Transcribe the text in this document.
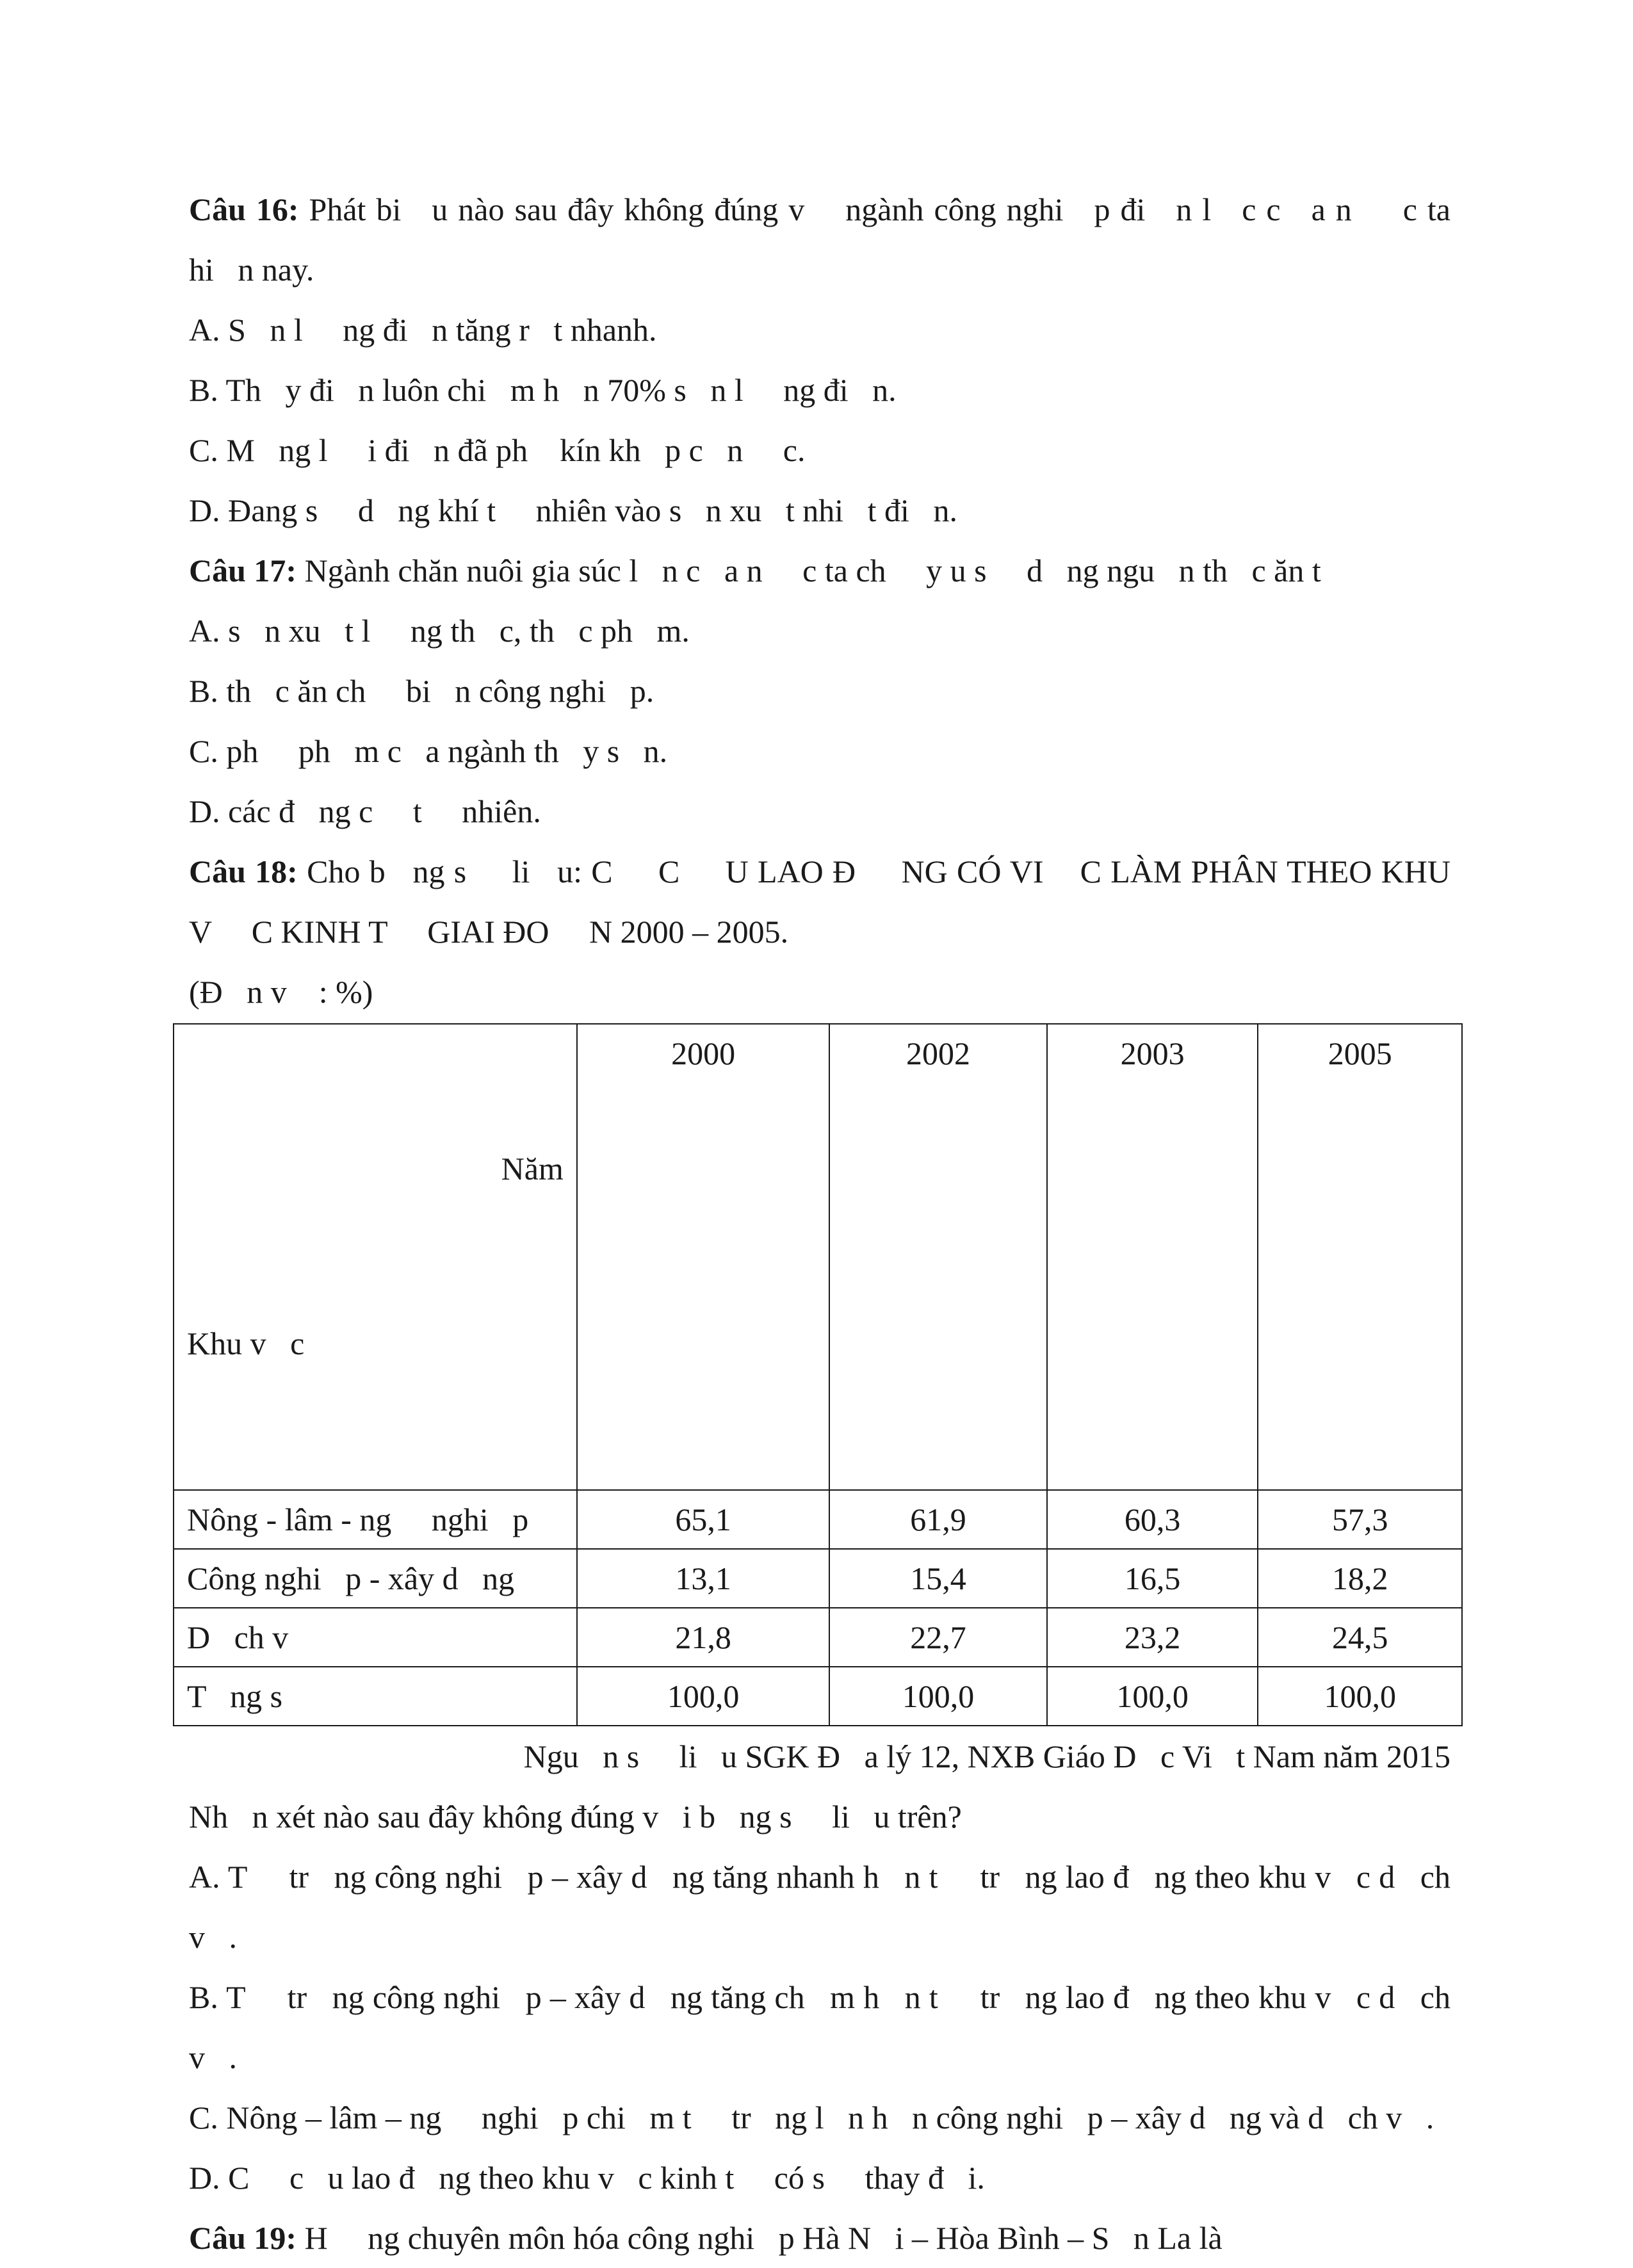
Câu 16: Phát bi   u nào sau đây không đúng v    ngành công nghi   p đi   n l   c c   a n     c ta

hi   n nay.

A. S   n l     ng đi   n tăng r   t nhanh.

B. Th   y đi   n luôn chi   m h   n 70% s   n l     ng đi   n.

C. M   ng l     i đi   n đã ph    kín kh   p c   n     c.

D. Đang s     d   ng khí t     nhiên vào s   n xu   t nhi   t đi   n.

Câu 17: Ngành chăn nuôi gia súc l   n c   a n     c ta ch     y u s     d   ng ngu   n th   c ăn t

A. s   n xu   t l     ng th   c, th   c ph   m.

B. th   c ăn ch     bi   n công nghi   p.

C. ph     ph   m c   a ngành th   y s   n.

D. các đ   ng c     t     nhiên.

Câu 18: Cho b   ng s     li   u: C     C     U LAO Đ     NG CÓ VI    C LÀM PHÂN THEO KHU

V     C KINH T     GIAI ĐO     N 2000 – 2005.

(Đ   n v    : %)

Năm

Khu v   c	2000	2002	2003	2005
Nông - lâm - ng     nghi   p	65,1	61,9	60,3	57,3
Công nghi   p - xây d   ng	13,1	15,4	16,5	18,2
D   ch v	21,8	22,7	23,2	24,5
T   ng s	100,0	100,0	100,0	100,0

Ngu   n s     li   u SGK Đ   a lý 12, NXB Giáo D   c Vi   t Nam năm 2015

Nh   n xét nào sau đây không đúng v   i b   ng s     li   u trên?

A. T     tr   ng công nghi   p – xây d   ng tăng nhanh h   n t     tr   ng lao đ   ng theo khu v   c d   ch

v   .

B. T     tr   ng công nghi   p – xây d   ng tăng ch   m h   n t     tr   ng lao đ   ng theo khu v   c d   ch

v   .

C. Nông – lâm – ng     nghi   p chi   m t     tr   ng l   n h   n công nghi   p – xây d   ng và d   ch v   .

D. C     c   u lao đ   ng theo khu v   c kinh t     có s     thay đ   i.

Câu 19: H     ng chuyên môn hóa công nghi   p Hà N   i – Hòa Bình – S   n La là
